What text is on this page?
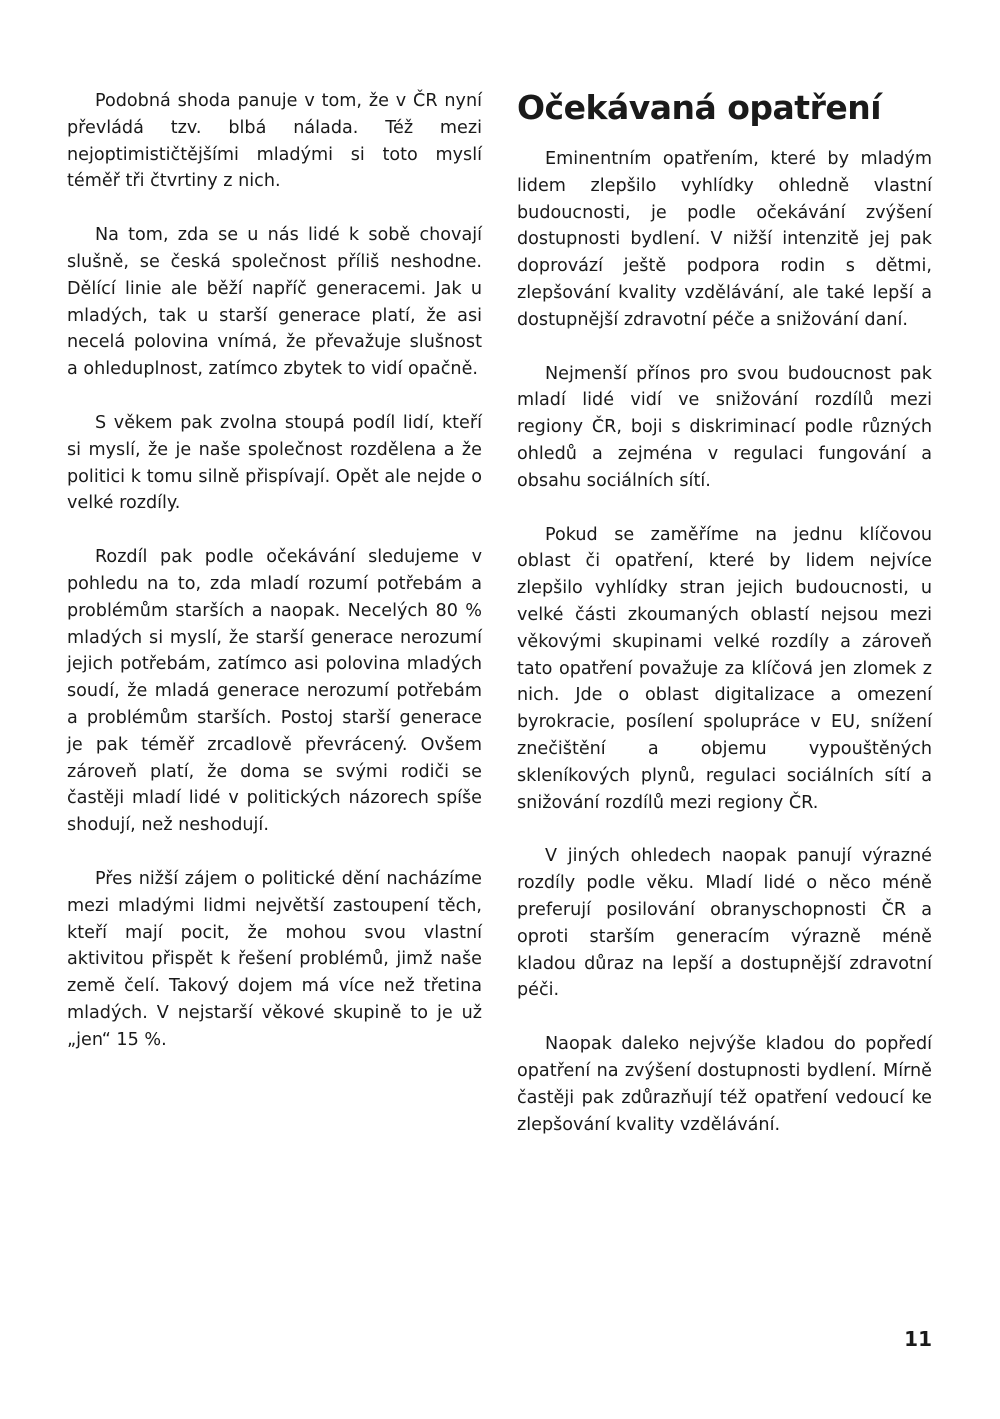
Podobná shoda panuje v tom, že v ČR nyní převládá tzv. blbá nálada. Též mezi nejoptimističtějšími mladými si toto myslí téměř tři čtvrtiny z nich.

Na tom, zda se u nás lidé k sobě chovají slušně, se česká společnost příliš neshodne. Dělící linie ale běží napříč generacemi. Jak u mladých, tak u starší generace platí, že asi necelá polovina vnímá, že převažuje slušnost a ohleduplnost, zatímco zbytek to vidí opačně.

S věkem pak zvolna stoupá podíl lidí, kteří si myslí, že je naše společnost rozdělena a že politici k tomu silně přispívají. Opět ale nejde o velké rozdíly.

Rozdíl pak podle očekávání sledujeme v pohledu na to, zda mladí rozumí potřebám a problémům starších a naopak. Necelých 80 % mladých si myslí, že starší generace nerozumí jejich potřebám, zatímco asi polovina mladých soudí, že mladá generace nerozumí potřebám a problémům starších. Postoj starší generace je pak téměř zrcadlově převrácený. Ovšem zároveň platí, že doma se svými rodiči se častěji mladí lidé v politických názorech spíše shodují, než neshodují.

Přes nižší zájem o politické dění nacházíme mezi mladými lidmi největší zastoupení těch, kteří mají pocit, že mohou svou vlastní aktivitou přispět k řešení problémů, jimž naše země čelí. Takový dojem má více než třetina mladých. V nejstarší věkové skupině to je už „jen“ 15 %.

Očekávaná opatření

Eminentním opatřením, které by mladým lidem zlepšilo vyhlídky ohledně vlastní budoucnosti, je podle očekávání zvýšení dostupnosti bydlení. V nižší intenzitě jej pak doprovází ještě podpora rodin s dětmi, zlepšování kvality vzdělávání, ale také lepší a dostupnější zdravotní péče a snižování daní.

Nejmenší přínos pro svou budoucnost pak mladí lidé vidí ve snižování rozdílů mezi regiony ČR, boji s diskriminací podle různých ohledů a zejména v regulaci fungování a obsahu sociálních sítí.

Pokud se zaměříme na jednu klíčovou oblast či opatření, které by lidem nejvíce zlepšilo vyhlídky stran jejich budoucnosti, u velké části zkoumaných oblastí nejsou mezi věkovými skupinami velké rozdíly a zároveň tato opatření považuje za klíčová jen zlomek z nich. Jde o oblast digitalizace a omezení byrokracie, posílení spolupráce v EU, snížení znečištění a objemu vypouštěných skleníkových plynů, regulaci sociálních sítí a snižování rozdílů mezi regiony ČR.

V jiných ohledech naopak panují výrazné rozdíly podle věku. Mladí lidé o něco méně preferují posilování obranyschopnosti ČR a oproti starším generacím výrazně méně kladou důraz na lepší a dostupnější zdravotní péči.

Naopak daleko nejvýše kladou do popředí opatření na zvýšení dostupnosti bydlení. Mírně častěji pak zdůrazňují též opatření vedoucí ke zlepšování kvality vzdělávání.

11
